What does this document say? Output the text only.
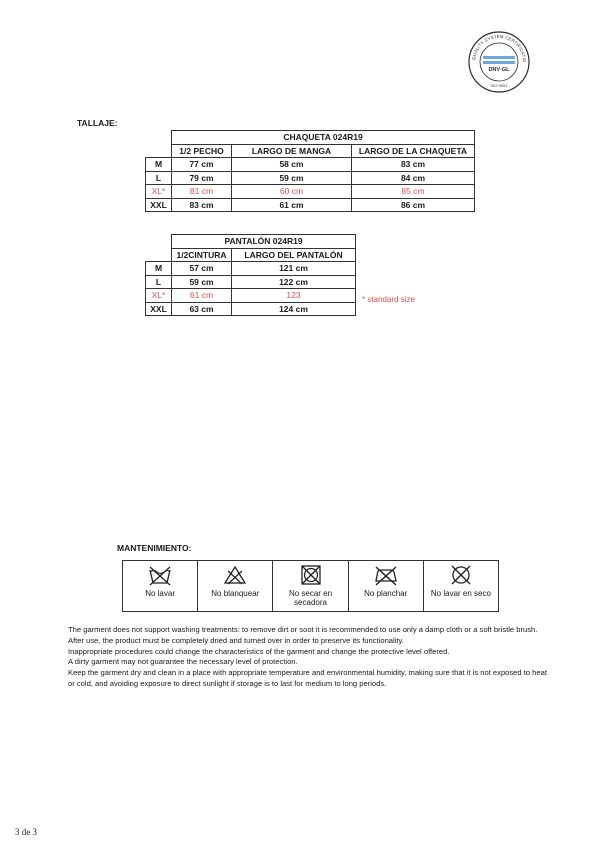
QUALITY SYSTEM CERTIFICATIO
DNV·GL
ISO 9001
TALLAJE:
	CHAQUETA 024R19		
	1/2 PECHO	LARGO DE MANGA	LARGO DE LA CHAQUETA
M	77 cm	58 cm	83 cm
L	79 cm	59 cm	84 cm
XL*	81 cm	60 cm	85 cm
XXL	83 cm	61 cm	86 cm
	PANTALÓN 024R19	
	1/2CINTURA	LARGO DEL PANTALÓN
M	57 cm	121 cm
L	59 cm	122 cm
XL*	61 cm	123
XXL	63 cm	124 cm
* standard size
MANTENIMIENTO:
No lavar	No blanquear	No secar en secadora
No planchar	No lavar en seco

The garment does not support washing treatments: to remove dirt or soot it is recommended to use only a damp cloth or a soft bristle brush.

After use, the product must be completely dried and turned over in order to preserve its functionality.

Inappropriate procedures could change the characteristics of the garment and change the protective level offered.

A dirty garment may not guarantee the necessary level of protection.

Keep the garment dry and clean in a place with appropriate temperature and environmental humidity, making sure that it is not exposed to heat or cold, and avoiding exposure to direct sunlight if storage is to last for medium to long periods.

3 de 3
